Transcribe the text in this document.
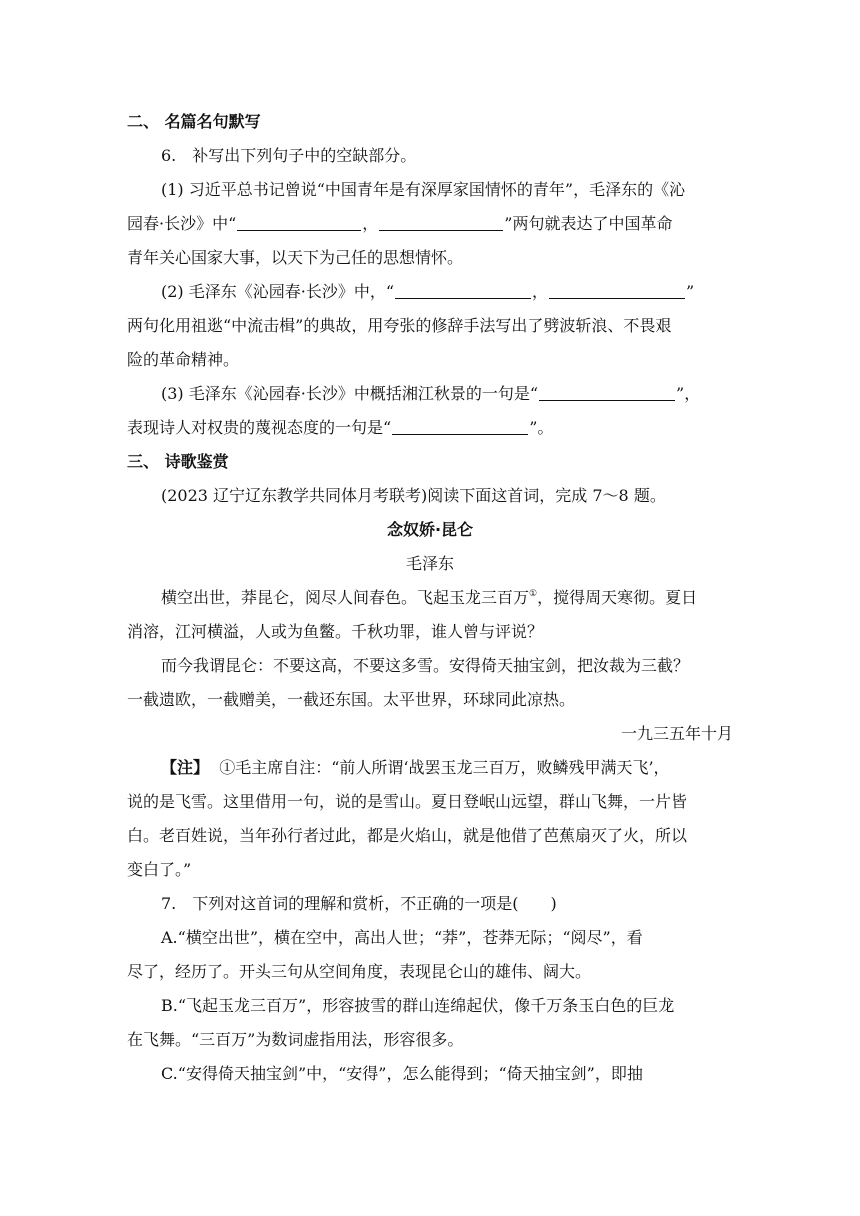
二、 名篇名句默写
6.　补写出下列句子中的空缺部分。
(1) 习近平总书记曾说“中国青年是有深厚家国情怀的青年”，毛泽东的《沁
园春·长沙》中“	，	”两句就表达了中国革命
青年关心国家大事，以天下为己任的思想情怀。
(2) 毛泽东《沁园春·长沙》中，“	，	”
两句化用祖逖“中流击楫”的典故，用夸张的修辞手法写出了劈波斩浪、不畏艰
险的革命精神。
(3) 毛泽东《沁园春·长沙》中概括湘江秋景的一句是“	”，
表现诗人对权贵的蔑视态度的一句是“	”。
三、 诗歌鉴赏
(2023 辽宁辽东教学共同体月考联考)阅读下面这首词，完成 7～8 题。
念奴娇·昆仑
毛泽东
横空出世，莽昆仑，阅尽人间春色。飞起玉龙三百万①，搅得周天寒彻。夏日
消溶，江河横溢，人或为鱼鳖。千秋功罪，谁人曾与评说？
而今我谓昆仑：不要这高，不要这多雪。安得倚天抽宝剑，把汝裁为三截？
一截遗欧，一截赠美，一截还东国。太平世界，环球同此凉热。
一九三五年十月
【注】 ①毛主席自注：“前人所谓‘战罢玉龙三百万，败鳞残甲满天飞’，
说的是飞雪。这里借用一句，说的是雪山。夏日登岷山远望，群山飞舞，一片皆
白。老百姓说，当年孙行者过此，都是火焰山，就是他借了芭蕉扇灭了火，所以
变白了。”
7.　下列对这首词的理解和赏析，不正确的一项是(　　)
A.“横空出世”，横在空中，高出人世；“莽”，苍莽无际；“阅尽”，看
尽了，经历了。开头三句从空间角度，表现昆仑山的雄伟、阔大。
B.“飞起玉龙三百万”，形容披雪的群山连绵起伏，像千万条玉白色的巨龙
在飞舞。“三百万”为数词虚指用法，形容很多。
C.“安得倚天抽宝剑”中，“安得”，怎么能得到；“倚天抽宝剑”，即抽
